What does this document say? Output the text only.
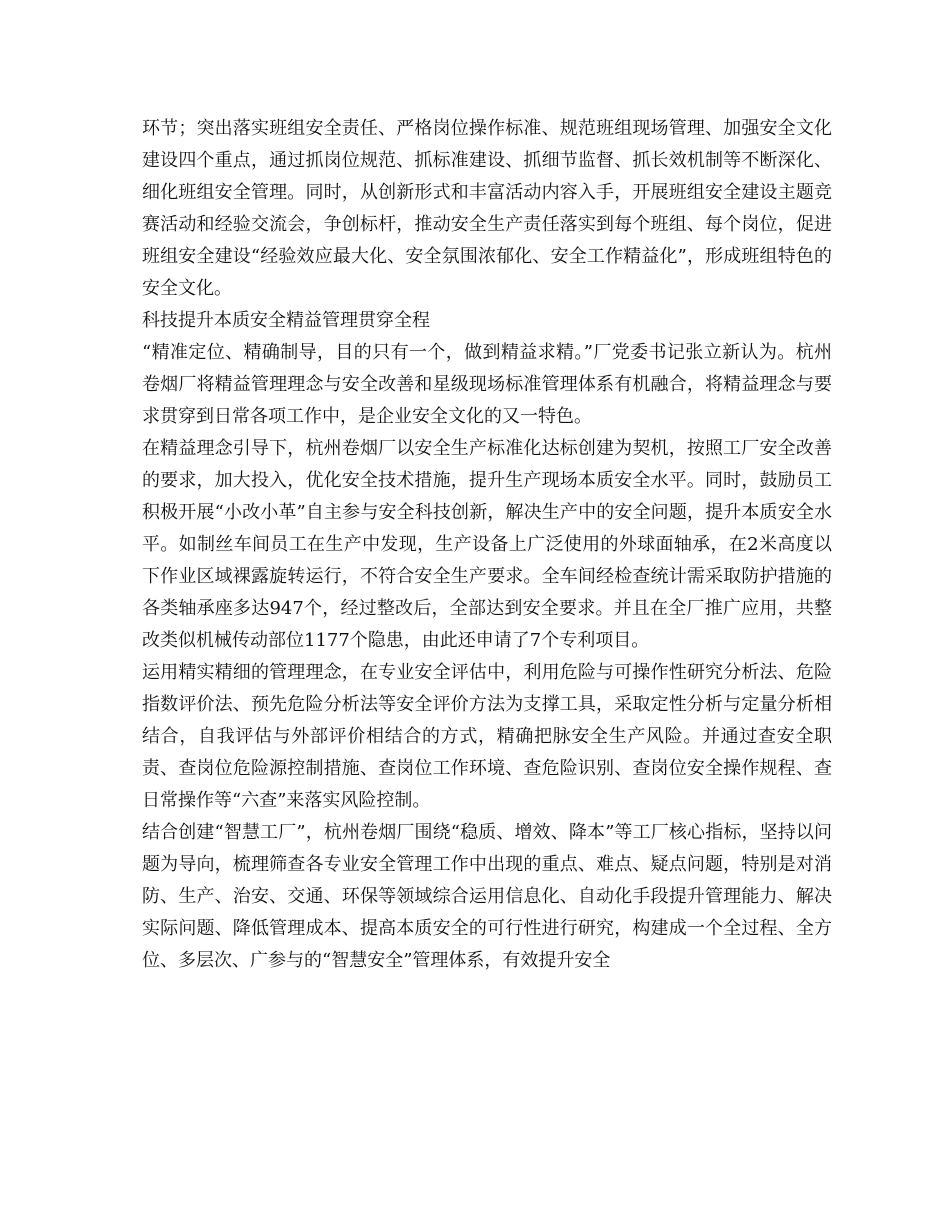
环节；突出落实班组安全责任、严格岗位操作标准、规范班组现场管理、加强安全文化建设四个重点，通过抓岗位规范、抓标准建设、抓细节监督、抓长效机制等不断深化、细化班组安全管理。同时，从创新形式和丰富活动内容入手，开展班组安全建设主题竞赛活动和经验交流会，争创标杆，推动安全生产责任落实到每个班组、每个岗位，促进班组安全建设“经验效应最大化、安全氛围浓郁化、安全工作精益化”，形成班组特色的安全文化。

科技提升本质安全精益管理贯穿全程

“精准定位、精确制导，目的只有一个，做到精益求精。”厂党委书记张立新认为。杭州卷烟厂将精益管理理念与安全改善和星级现场标准管理体系有机融合，将精益理念与要求贯穿到日常各项工作中，是企业安全文化的又一特色。

在精益理念引导下，杭州卷烟厂以安全生产标准化达标创建为契机，按照工厂安全改善的要求，加大投入，优化安全技术措施，提升生产现场本质安全水平。同时，鼓励员工积极开展“小改小革”自主参与安全科技创新，解决生产中的安全问题，提升本质安全水平。如制丝车间员工在生产中发现，生产设备上广泛使用的外球面轴承，在2米高度以下作业区域裸露旋转运行，不符合安全生产要求。全车间经检查统计需采取防护措施的各类轴承座多达947个，经过整改后，全部达到安全要求。并且在全厂推广应用，共整改类似机械传动部位1177个隐患，由此还申请了7个专利项目。

运用精实精细的管理理念，在专业安全评估中，利用危险与可操作性研究分析法、危险指数评价法、预先危险分析法等安全评价方法为支撑工具，采取定性分析与定量分析相结合，自我评估与外部评价相结合的方式，精确把脉安全生产风险。并通过查安全职责、查岗位危险源控制措施、查岗位工作环境、查危险识别、查岗位安全操作规程、查日常操作等“六查”来落实风险控制。

结合创建“智慧工厂”，杭州卷烟厂围绕“稳质、增效、降本”等工厂核心指标，坚持以问题为导向，梳理筛查各专业安全管理工作中出现的重点、难点、疑点问题，特别是对消防、生产、治安、交通、环保等领域综合运用信息化、自动化手段提升管理能力、解决实际问题、降低管理成本、提高本质安全的可行性进行研究，构建成一个全过程、全方位、多层次、广参与的“智慧安全”管理体系，有效提升安全
